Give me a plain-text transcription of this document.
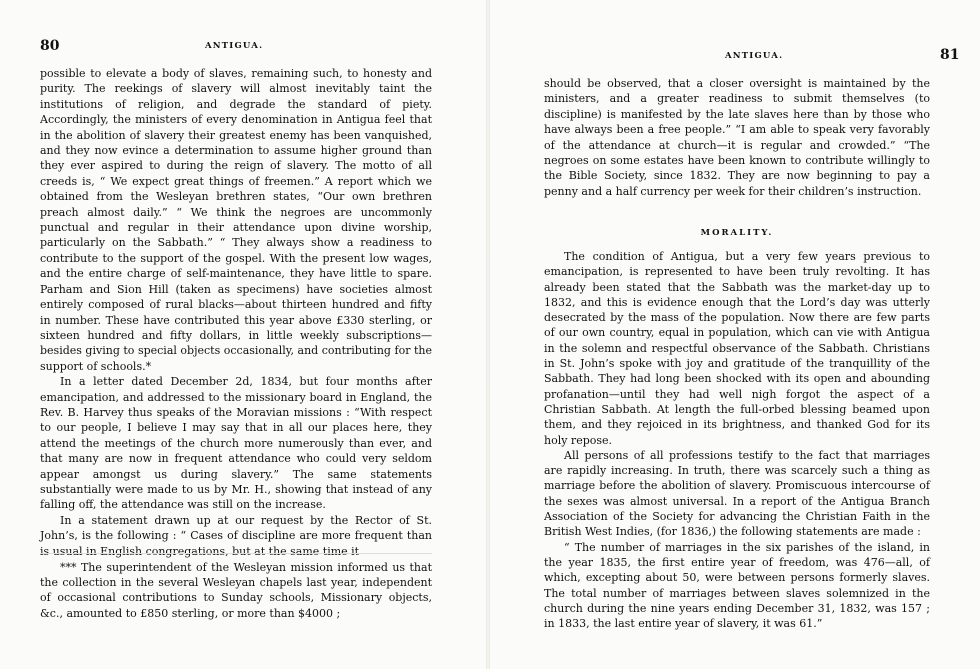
80	ANTIGUA.

possible to elevate a body of slaves, remaining such, to honesty and purity. The reekings of slavery will almost inevitably taint the institutions of religion, and degrade the standard of piety. Accordingly, the ministers of every denomination in Antigua feel that in the abolition of slavery their greatest enemy has been vanquished, and they now evince a determination to assume higher ground than they ever aspired to during the reign of slavery. The motto of all creeds is, “ We expect great things of freemen.” A report which we obtained from the Wesleyan brethren states, “Our own brethren preach almost daily.” “ We think the negroes are uncommonly punctual and regular in their attendance upon divine worship, particularly on the Sabbath.” “ They always show a readiness to contribute to the support of the gospel. With the present low wages, and the entire charge of self-maintenance, they have little to spare. Parham and Sion Hill (taken as specimens) have societies almost entirely composed of rural blacks—about thirteen hundred and fifty in number. These have contributed this year above £330 sterling, or sixteen hundred and fifty dollars, in little weekly subscriptions—besides giving to special objects occasionally, and contributing for the support of schools.*

In a letter dated December 2d, 1834, but four months after emancipation, and addressed to the missionary board in England, the Rev. B. Harvey thus speaks of the Moravian missions : “With respect to our people, I believe I may say that in all our places here, they attend the meetings of the church more numerously than ever, and that many are now in frequent attendance who could very seldom appear amongst us during slavery.” The same statements substantially were made to us by Mr. H., showing that instead of any falling off, the attendance was still on the increase.

In a statement drawn up at our request by the Rector of St. John’s, is the following : “ Cases of discipline are more frequent than is usual in English congregations, but at the same time it

*** The superintendent of the Wesleyan mission informed us that the collection in the several Wesleyan chapels last year, independent of occasional contributions to Sunday schools, Missionary objects, &c., amounted to £850 sterling, or more than $4000 ;

ANTIGUA.	81

should be observed, that a closer oversight is maintained by the ministers, and a greater readiness to submit themselves (to discipline) is manifested by the late slaves here than by those who have always been a free people.” “I am able to speak very favorably of the attendance at church—it is regular and crowded.” “The negroes on some estates have been known to contribute willingly to the Bible Society, since 1832. They are now beginning to pay a penny and a half currency per week for their children’s instruction.

MORALITY.

The condition of Antigua, but a very few years previous to emancipation, is represented to have been truly revolting. It has already been stated that the Sabbath was the market-day up to 1832, and this is evidence enough that the Lord’s day was utterly desecrated by the mass of the population. Now there are few parts of our own country, equal in population, which can vie with Antigua in the solemn and respectful observance of the Sabbath. Christians in St. John’s spoke with joy and gratitude of the tranquillity of the Sabbath. They had long been shocked with its open and abounding profanation—until they had well nigh forgot the aspect of a Christian Sabbath. At length the full-orbed blessing beamed upon them, and they rejoiced in its brightness, and thanked God for its holy repose.

All persons of all professions testify to the fact that marriages are rapidly increasing. In truth, there was scarcely such a thing as marriage before the abolition of slavery. Promiscuous intercourse of the sexes was almost universal. In a report of the Antigua Branch Association of the Society for advancing the Christian Faith in the British West Indies, (for 1836,) the following statements are made :

“ The number of marriages in the six parishes of the island, in the year 1835, the first entire year of freedom, was 476—all, of which, excepting about 50, were between persons formerly slaves. The total number of marriages between slaves solemnized in the church during the nine years ending December 31, 1832, was 157 ; in 1833, the last entire year of slavery, it was 61.”
